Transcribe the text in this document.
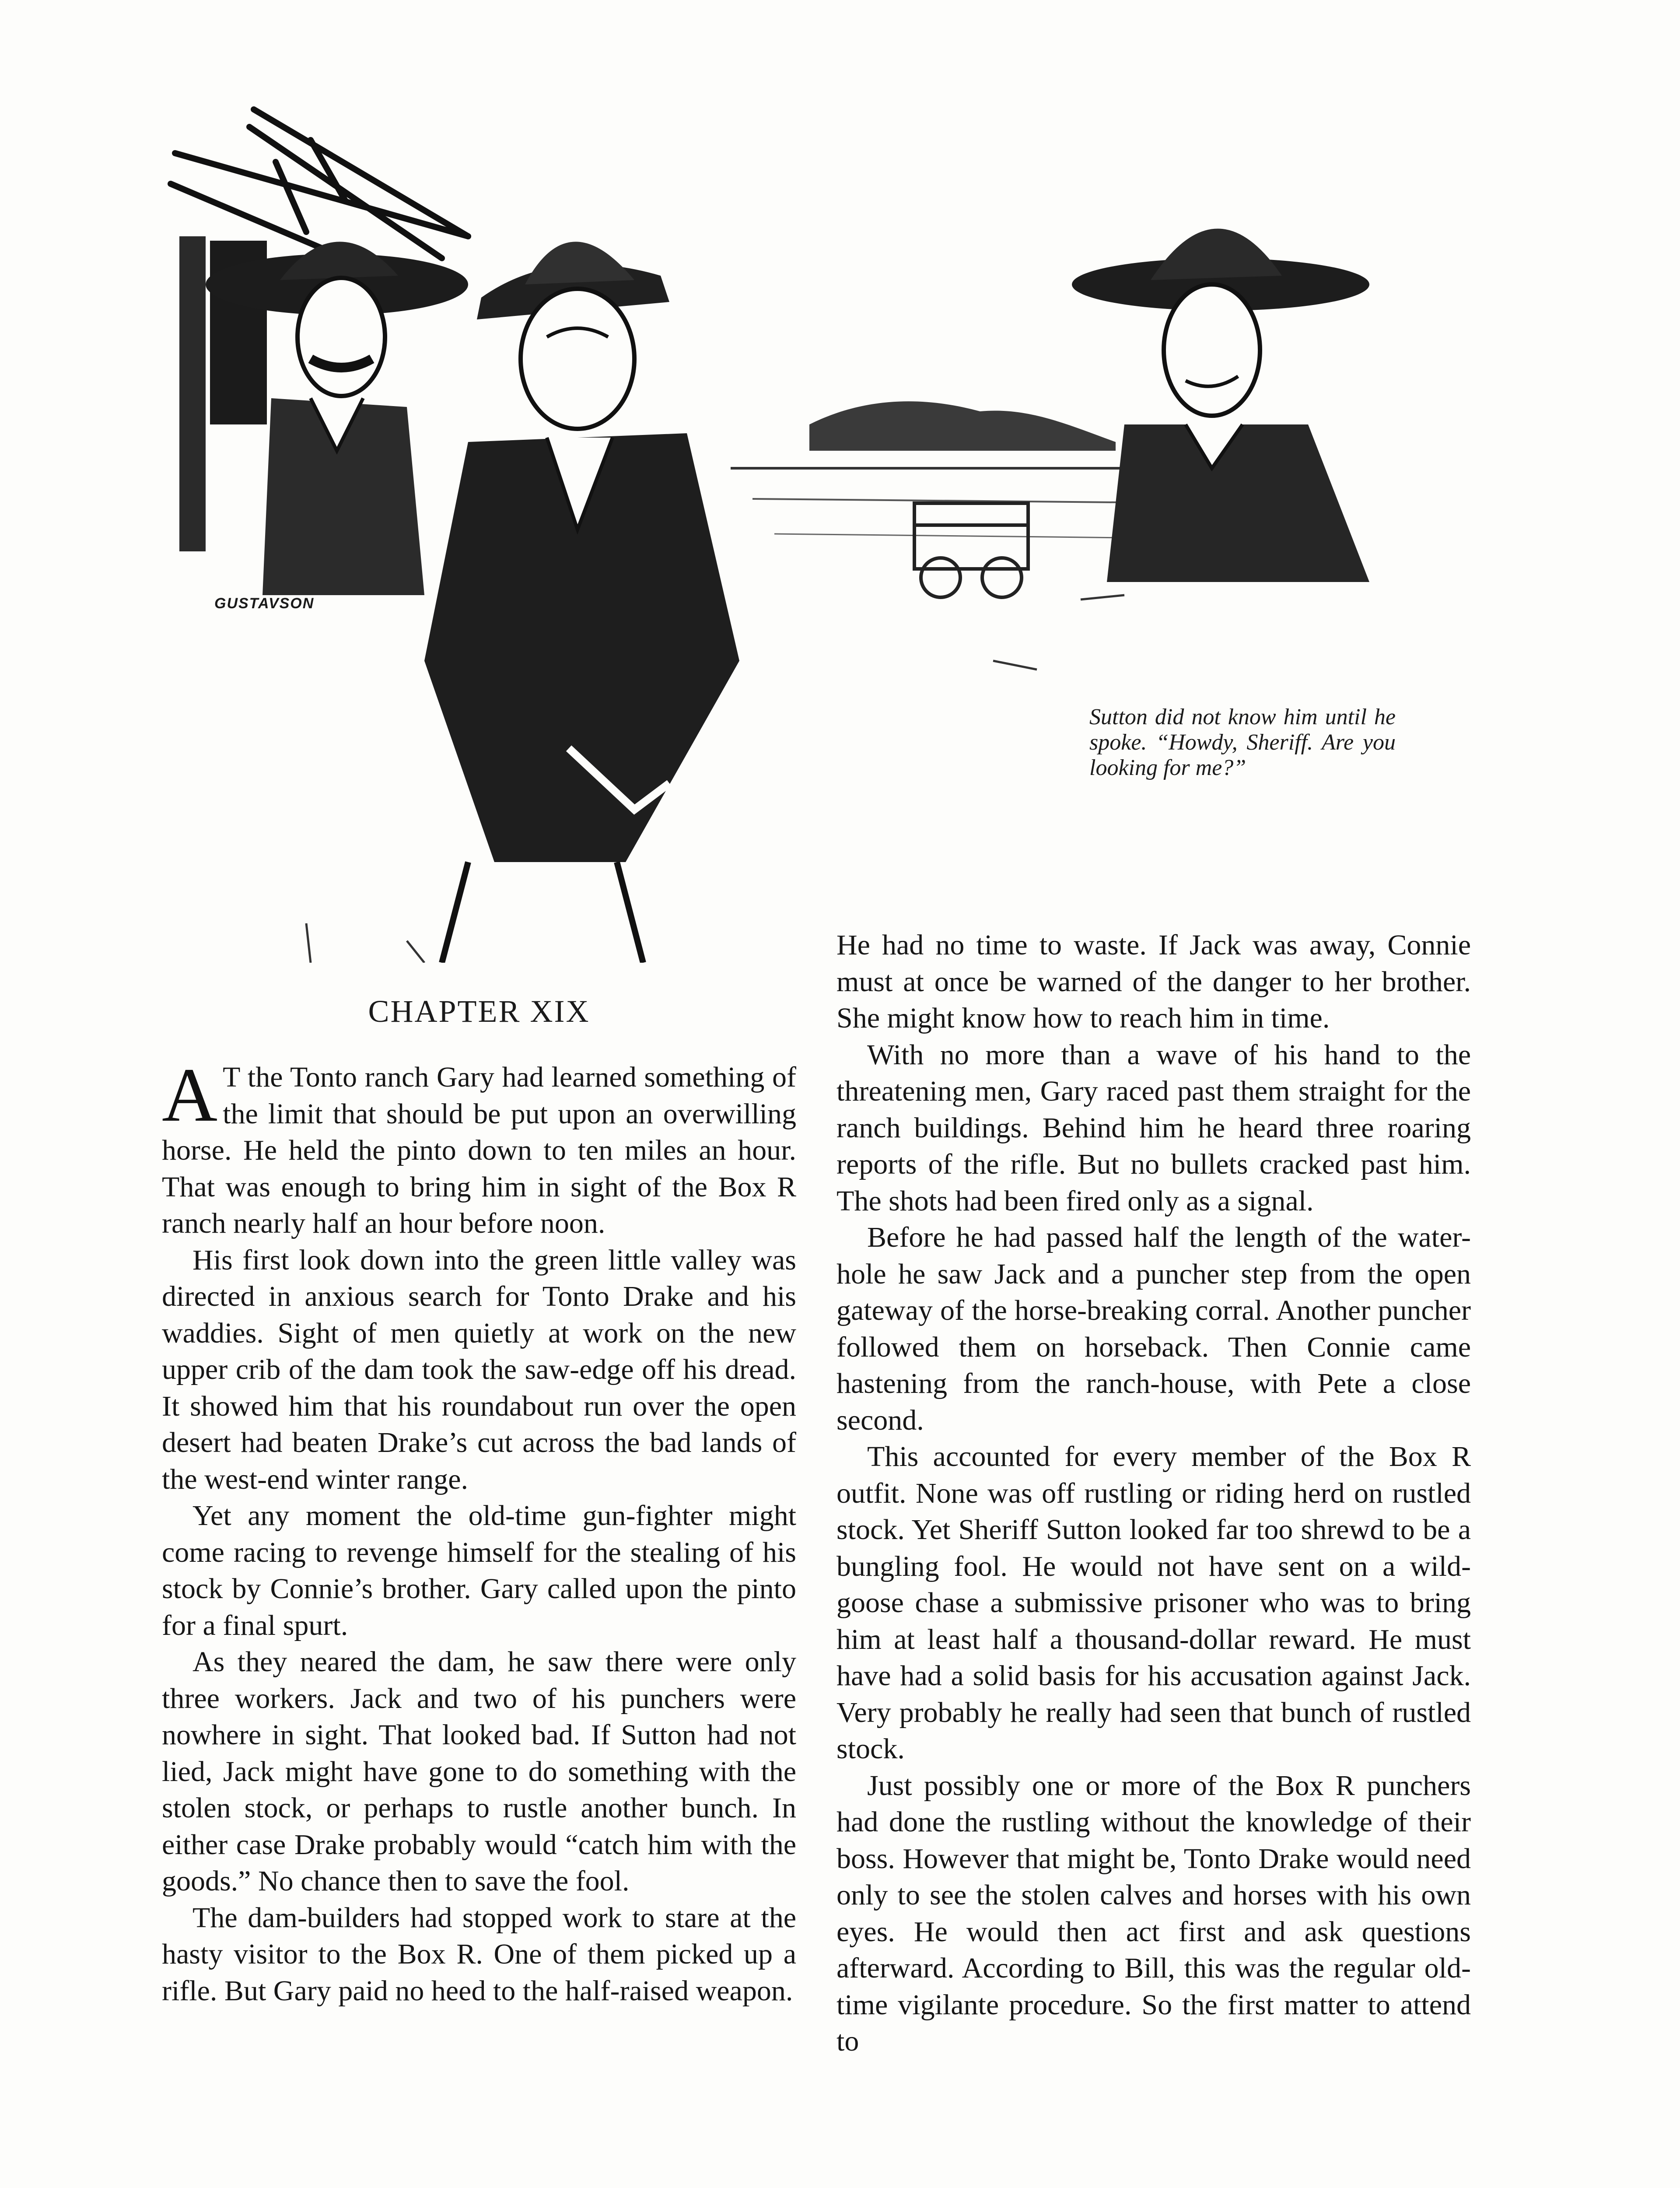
GUSTAVSON
Sutton did not know him until he spoke. “Howdy, Sheriff. Are you looking for me?”
CHAPTER XIX

A T the Tonto ranch Gary had learned something of the limit that should be put upon an overwilling horse. He held the pinto down to ten miles an hour. That was enough to bring him in sight of the Box R ranch nearly half an hour before noon.

His first look down into the green little valley was directed in anxious search for Tonto Drake and his waddies. Sight of men quietly at work on the new upper crib of the dam took the saw-edge off his dread. It showed him that his roundabout run over the open desert had beaten Drake’s cut across the bad lands of the west-end winter range.

Yet any moment the old-time gun-fighter might come racing to revenge himself for the stealing of his stock by Connie’s brother. Gary called upon the pinto for a final spurt.

As they neared the dam, he saw there were only three workers. Jack and two of his punchers were nowhere in sight. That looked bad. If Sutton had not lied, Jack might have gone to do something with the stolen stock, or perhaps to rustle another bunch. In either case Drake probably would “catch him with the goods.” No chance then to save the fool.

The dam-builders had stopped work to stare at the hasty visitor to the Box R. One of them picked up a rifle. But Gary paid no heed to the half-raised weapon.

He had no time to waste. If Jack was away, Connie must at once be warned of the danger to her brother. She might know how to reach him in time.

With no more than a wave of his hand to the threatening men, Gary raced past them straight for the ranch buildings. Behind him he heard three roaring reports of the rifle. But no bullets cracked past him. The shots had been fired only as a signal.

Before he had passed half the length of the water-hole he saw Jack and a puncher step from the open gateway of the horse-breaking corral. Another puncher followed them on horseback. Then Connie came hastening from the ranch-house, with Pete a close second.

This accounted for every member of the Box R outfit. None was off rustling or riding herd on rustled stock. Yet Sheriff Sutton looked far too shrewd to be a bungling fool. He would not have sent on a wild-goose chase a submissive prisoner who was to bring him at least half a thousand-dollar reward. He must have had a solid basis for his accusation against Jack. Very probably he really had seen that bunch of rustled stock.

Just possibly one or more of the Box R punchers had done the rustling without the knowledge of their boss. However that might be, Tonto Drake would need only to see the stolen calves and horses with his own eyes. He would then act first and ask questions afterward. According to Bill, this was the regular old-time vigilante procedure. So the first matter to attend to
